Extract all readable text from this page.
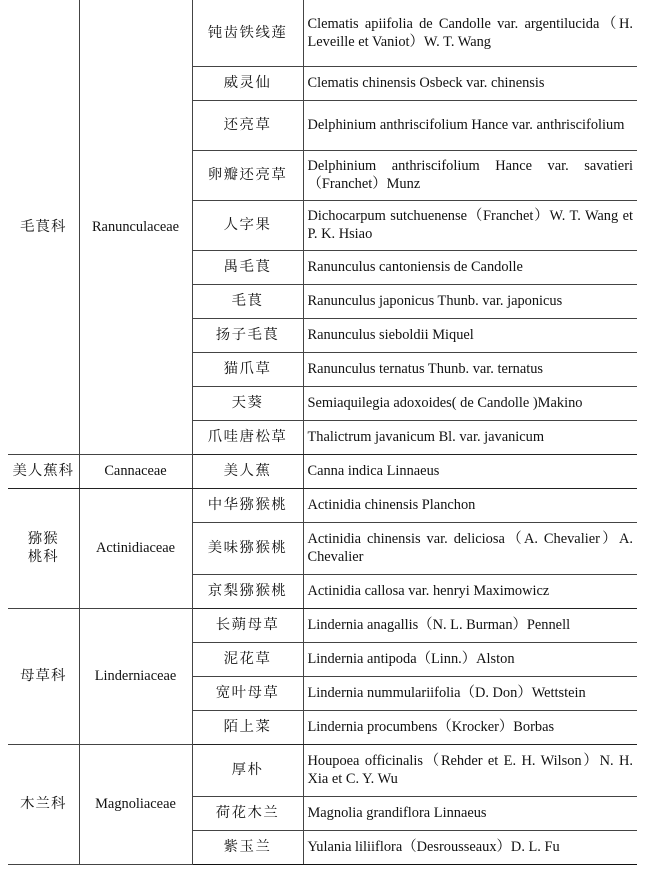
毛茛科	Ranunculaceae	钝齿铁线莲	Clematis apiifolia de Candolle var. argentilucida（H. Leveille et Vaniot）W. T. Wang
		威灵仙	Clematis chinensis Osbeck var. chinensis
		还亮草	Delphinium anthriscifolium Hance var. anthriscifolium
		卵瓣还亮草	Delphinium anthriscifolium Hance var. savatieri（Franchet）Munz
		人字果	Dichocarpum sutchuenense（Franchet）W. T. Wang et P. K. Hsiao
		禺毛茛	Ranunculus cantoniensis de Candolle
		毛茛	Ranunculus japonicus Thunb. var. japonicus
		扬子毛茛	Ranunculus sieboldii Miquel
		猫爪草	Ranunculus ternatus Thunb. var. ternatus
		天葵	Semiaquilegia adoxoides( de Candolle )Makino
		爪哇唐松草	Thalictrum javanicum Bl. var. javanicum
美人蕉科	Cannaceae	美人蕉	Canna indica Linnaeus
猕猴桃科	Actinidiaceae	中华猕猴桃	Actinidia chinensis Planchon
		美味猕猴桃	Actinidia chinensis var. deliciosa（A. Chevalier）A. Chevalier
		京梨猕猴桃	Actinidia callosa var. henryi Maximowicz
母草科	Linderniaceae	长蒴母草	Lindernia anagallis（N. L. Burman）Pennell
		泥花草	Lindernia antipoda（Linn.）Alston
		宽叶母草	Lindernia nummulariifolia（D. Don）Wettstein
		陌上菜	Lindernia procumbens（Krocker）Borbas
木兰科	Magnoliaceae	厚朴	Houpoea officinalis（Rehder et E. H. Wilson）N. H. Xia et C. Y. Wu
		荷花木兰	Magnolia grandiflora Linnaeus
		紫玉兰	Yulania liliiflora（Desrousseaux）D. L. Fu
